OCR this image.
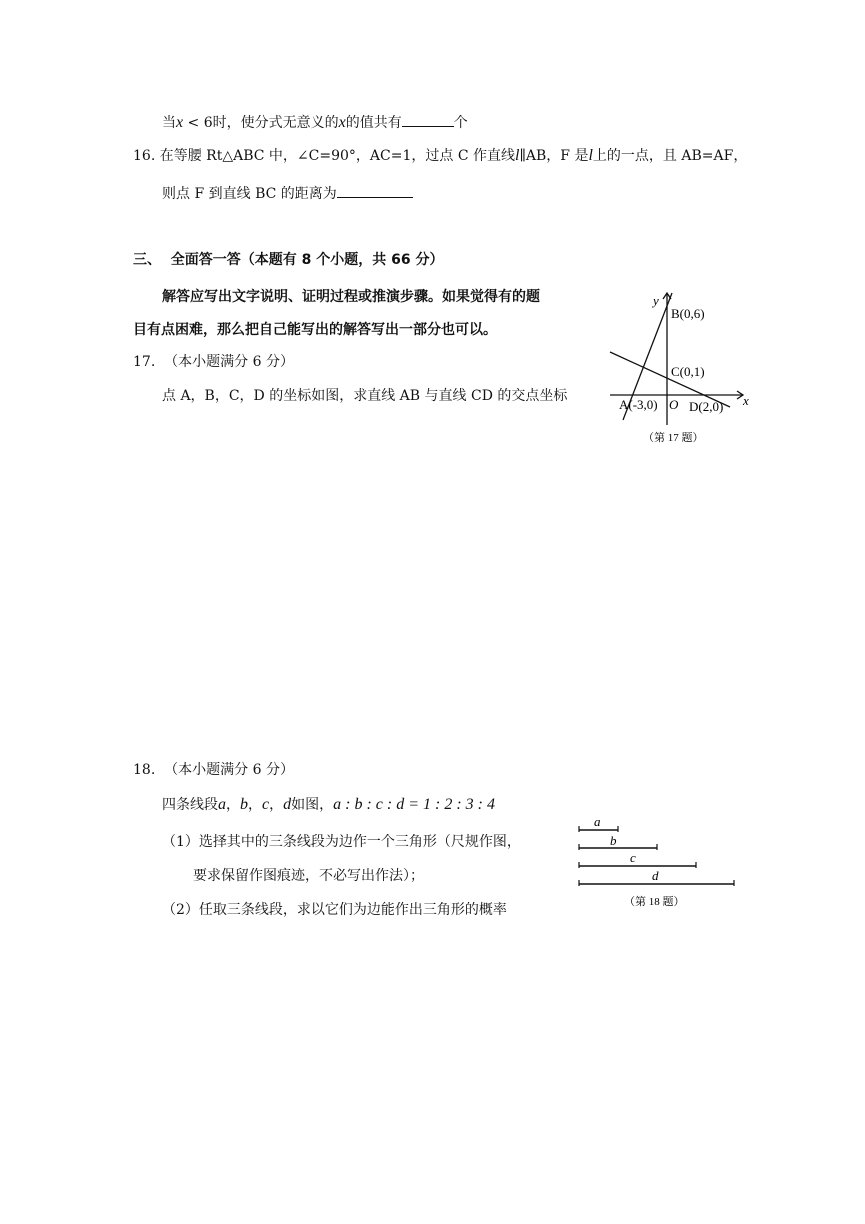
当x < 6时，使分式无意义的x的值共有	个
16. 在等腰 Rt△ABC 中，∠C=90°，AC=1，过点 C 作直线l∥AB，F 是l上的一点，且 AB=AF，
则点 F 到直线 BC 的距离为
三、 全面答一答（本题有 8 个小题，共 66 分）
解答应写出文字说明、证明过程或推演步骤。如果觉得有的题
目有点困难，那么把自己能写出的解答写出一部分也可以。
17. （本小题满分 6 分）
点 A，B，C，D 的坐标如图，求直线 AB 与直线 CD 的交点坐标
y
x
B(0,6)
C(0,1)
A(-3,0) O D(2,0)
（第 17 题）
18. （本小题满分 6 分）
四条线段a，b，c，d如图，a : b : c : d = 1 : 2 : 3 : 4
（1）选择其中的三条线段为边作一个三角形（尺规作图，
要求保留作图痕迹，不必写出作法）；
（2）任取三条线段，求以它们为边能作出三角形的概率
a
b
c
d
（第 18 题）
